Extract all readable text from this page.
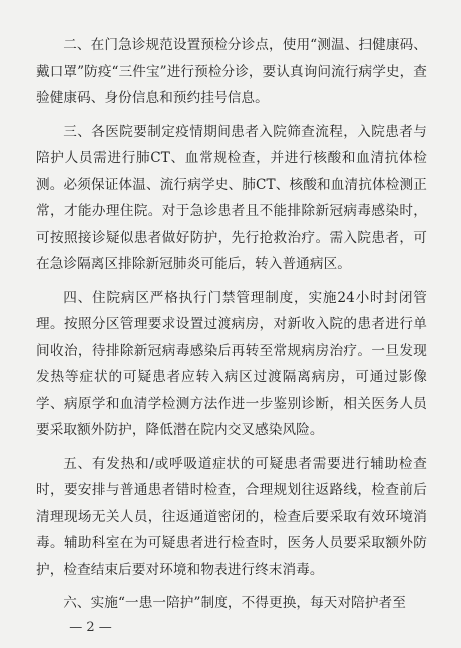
二、在门急诊规范设置预检分诊点，使用“测温、扫健康码、戴口罩”防疫“三件宝”进行预检分诊，要认真询问流行病学史，查验健康码、身份信息和预约挂号信息。

三、各医院要制定疫情期间患者入院筛查流程，入院患者与陪护人员需进行肺CT、血常规检查，并进行核酸和血清抗体检测。必须保证体温、流行病学史、肺CT、核酸和血清抗体检测正常，才能办理住院。对于急诊患者且不能排除新冠病毒感染时，可按照接诊疑似患者做好防护，先行抢救治疗。需入院患者，可在急诊隔离区排除新冠肺炎可能后，转入普通病区。

四、住院病区严格执行门禁管理制度，实施24小时封闭管理。按照分区管理要求设置过渡病房，对新收入院的患者进行单间收治，待排除新冠病毒感染后再转至常规病房治疗。一旦发现发热等症状的可疑患者应转入病区过渡隔离病房，可通过影像学、病原学和血清学检测方法作进一步鉴别诊断，相关医务人员要采取额外防护，降低潜在院内交叉感染风险。

五、有发热和/或呼吸道症状的可疑患者需要进行辅助检查时，要安排与普通患者错时检查，合理规划往返路线，检查前后清理现场无关人员，往返通道密闭的，检查后要采取有效环境消毒。辅助科室在为可疑患者进行检查时，医务人员要采取额外防护，检查结束后要对环境和物表进行终末消毒。

六、实施“一患一陪护”制度，不得更换，每天对陪护者至

— 2 —
